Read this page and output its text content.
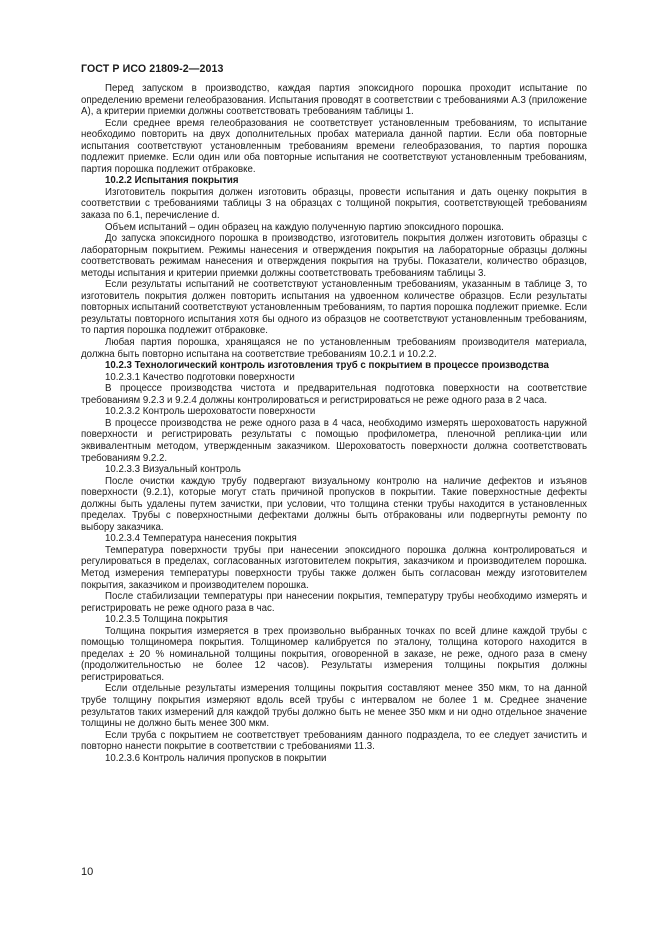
ГОСТ Р ИСО 21809-2—2013

Перед запуском в производство, каждая партия эпоксидного порошка проходит испытание по определению времени гелеобразования. Испытания проводят в соответствии с требованиями А.3 (приложение А), а критерии приемки должны соответствовать требованиям таблицы 1.

Если среднее время гелеобразования не соответствует установленным требованиям, то испытание необходимо повторить на двух дополнительных пробах материала данной партии. Если оба повторные испытания соответствуют установленным требованиям времени гелеобразования, то партия порошка подлежит приемке. Если один или оба повторные испытания не соответствуют установленным требованиям, партия порошка подлежит отбраковке.

10.2.2 Испытания покрытия

Изготовитель покрытия должен изготовить образцы, провести испытания и дать оценку покрытия в соответствии с требованиями таблицы 3 на образцах с толщиной покрытия, соответствующей требованиям заказа по 6.1, перечисление d.

Объем испытаний – один образец на каждую полученную партию эпоксидного порошка.

До запуска эпоксидного порошка в производство, изготовитель покрытия должен изготовить образцы с лабораторным покрытием. Режимы нанесения и отверждения покрытия на лабораторные образцы должны соответствовать режимам нанесения и отверждения покрытия на трубы. Показатели, количество образцов, методы испытания и критерии приемки должны соответствовать требованиям таблицы 3.

Если результаты испытаний не соответствуют установленным требованиям, указанным в таблице 3, то изготовитель покрытия должен повторить испытания на удвоенном количестве образцов. Если результаты повторных испытаний соответствуют установленным требованиям, то партия порошка подлежит приемке. Если результаты повторного испытания хотя бы одного из образцов не соответствуют установленным требованиям, то партия порошка подлежит отбраковке.

Любая партия порошка, хранящаяся не по установленным требованиям производителя материала, должна быть повторно испытана на соответствие требованиям 10.2.1 и 10.2.2.

10.2.3 Технологический контроль изготовления труб с покрытием в процессе производства

10.2.3.1 Качество подготовки поверхности

В процессе производства чистота и предварительная подготовка поверхности на соответствие требованиям 9.2.3 и 9.2.4 должны контролироваться и регистрироваться не реже одного раза в 2 часа.

10.2.3.2 Контроль шероховатости поверхности

В процессе производства не реже одного раза в 4 часа, необходимо измерять шероховатость наружной поверхности и регистрировать результаты с помощью профилометра, пленочной реплика-ции или эквивалентным методом, утвержденным заказчиком. Шероховатость поверхности должна соответствовать требованиям 9.2.2.

10.2.3.3 Визуальный контроль

После очистки каждую трубу подвергают визуальному контролю на наличие дефектов и изъянов поверхности (9.2.1), которые могут стать причиной пропусков в покрытии. Такие поверхностные дефекты должны быть удалены путем зачистки, при условии, что толщина стенки трубы находится в установленных пределах. Трубы с поверхностными дефектами должны быть отбракованы или подвергнуты ремонту по выбору заказчика.

10.2.3.4 Температура нанесения покрытия

Температура поверхности трубы при нанесении эпоксидного порошка должна контролироваться и регулироваться в пределах, согласованных изготовителем покрытия, заказчиком и производителем порошка. Метод измерения температуры поверхности трубы также должен быть согласован между изготовителем покрытия, заказчиком и производителем порошка.

После стабилизации температуры при нанесении покрытия, температуру трубы необходимо измерять и регистрировать не реже одного раза в час.

10.2.3.5 Толщина покрытия

Толщина покрытия измеряется в трех произвольно выбранных точках по всей длине каждой трубы с помощью толщиномера покрытия. Толщиномер калибруется по эталону, толщина которого находится в пределах ± 20 % номинальной толщины покрытия, оговоренной в заказе, не реже, одного раза в смену (продолжительностью не более 12 часов). Результаты измерения толщины покрытия должны регистрироваться.

Если отдельные результаты измерения толщины покрытия составляют менее 350 мкм, то на данной трубе толщину покрытия измеряют вдоль всей трубы с интервалом не более 1 м. Среднее значение результатов таких измерений для каждой трубы должно быть не менее 350 мкм и ни одно отдельное значение толщины не должно быть менее 300 мкм.

Если труба с покрытием не соответствует требованиям данного подраздела, то ее следует зачистить и повторно нанести покрытие в соответствии с требованиями 11.3.

10.2.3.6 Контроль наличия пропусков в покрытии

10
